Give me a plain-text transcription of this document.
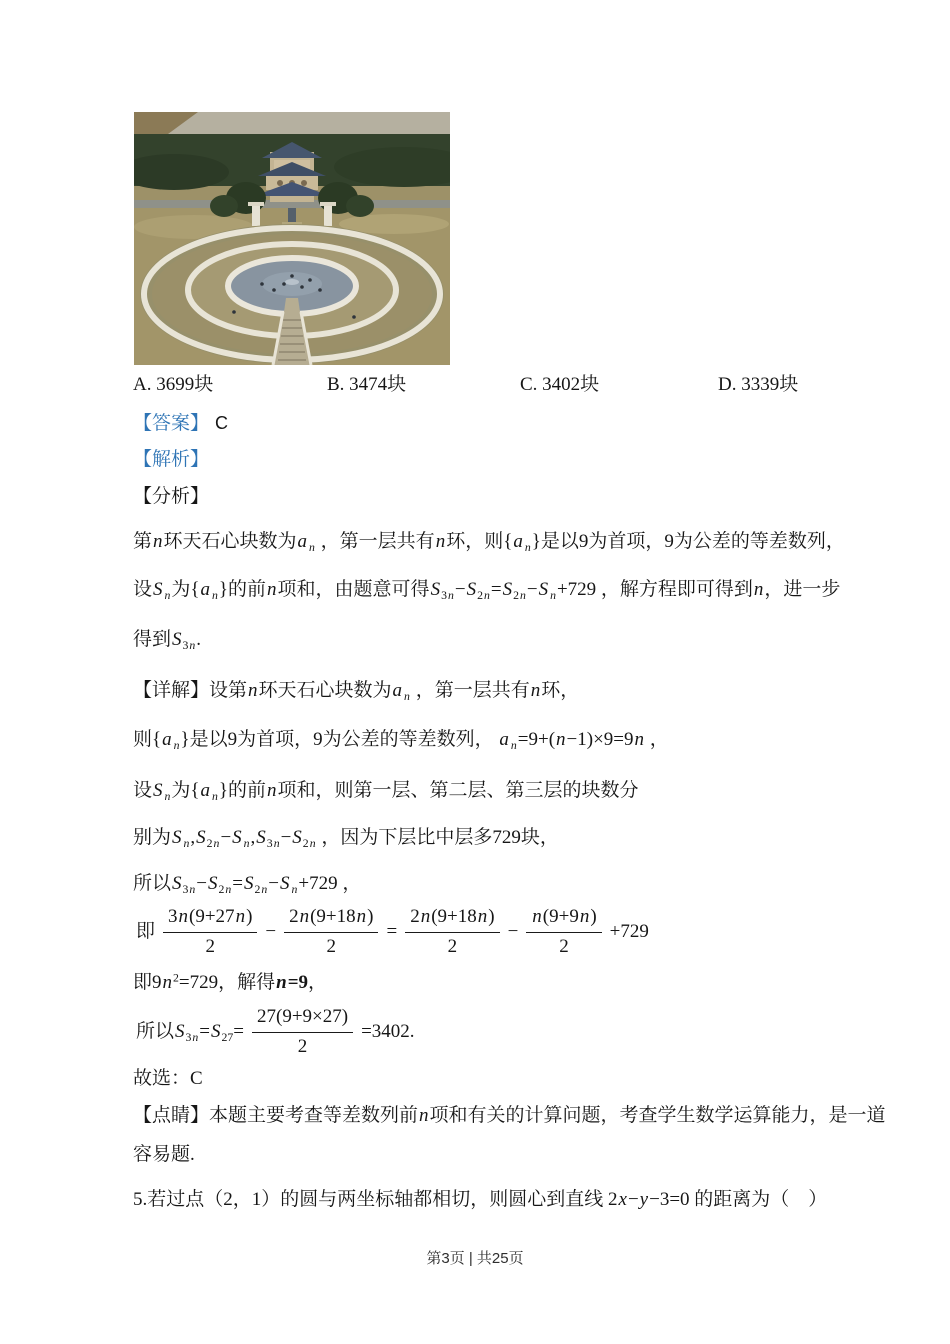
A. 3699块	B. 3474块	C. 3402块	D. 3339块
【答案】 C
【解析】
【分析】
第n环天石心块数为a $_n$ ，第一层共有n环，则{a $_n$}是以9为首项，9为公差的等差数列，
设S $_n$为{a $_n$}的前n项和，由题意可得$S_{3n}-S_{2n}=S_{2n}-S$ $_n$+729 ，解方程即可得到n，进一步
得到$S_{3n}$.
【详解】设第n环天石心块数为a $_n$ ，第一层共有n环，
则{a $_n$}是以9为首项，9为公差的等差数列， a $_n$=9+(n−1)×9=9n ，
设S $_n$为{a $_n$}的前n项和，则第一层、第二层、第三层的块数分
别为S $_n,S_{2n}-S$ $_n,S_{3n}-S_{2n}$ ，因为下层比中层多729块，
所以$S_{3n}-S_{2n}=S_{2n}-S$ $_n$+729 ，
即 $\frac{3n(9+27n)}{2} - \frac{2n(9+18n)}{2} = \frac{2n(9+18n)}{2} - \frac{n(9+9n)}{2} +729$
即$9n^2=729$，解得n=9，
所以$S_{3n}=S_{27}= \frac{27(9+9\times 27)}{2} =3402$.
故选：C
【点睛】本题主要考查等差数列前n项和有关的计算问题，考查学生数学运算能力，是一道
容易题.
5.若过点（2，1）的圆与两坐标轴都相切，则圆心到直线 2x−y−3=0 的距离为（　）
第3页 | 共25页
